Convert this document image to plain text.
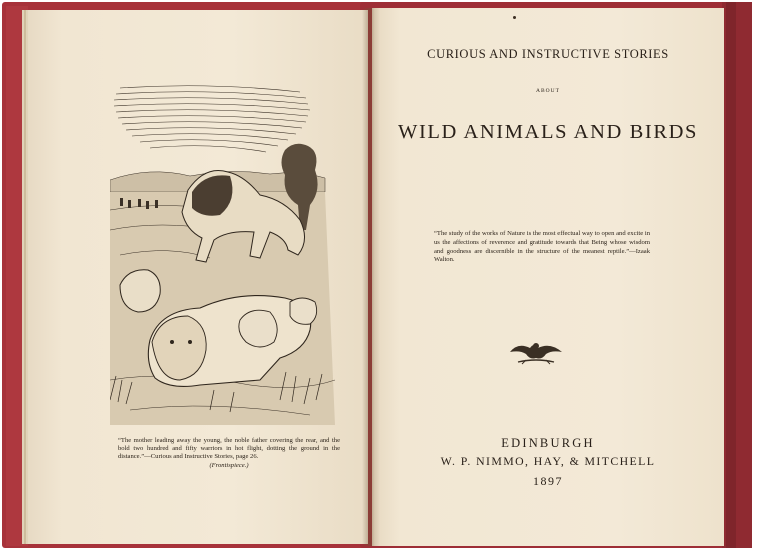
“The mother leading away the young, the noble father covering the rear, and the bold two hundred and fifty warriors in hot flight, dotting the ground in the distance.”—Curious and Instructive Stories, page 26.
(Frontispiece.)
CURIOUS AND INSTRUCTIVE STORIES
ABOUT
WILD ANIMALS AND BIRDS
“The study of the works of Nature is the most effectual way to open and excite in us the affections of reverence and gratitude towards that Being whose wisdom and goodness are discernible in the structure of the meanest reptile.”—Izaak Walton.
EDINBURGH
W. P. NIMMO, HAY, & MITCHELL
1897
